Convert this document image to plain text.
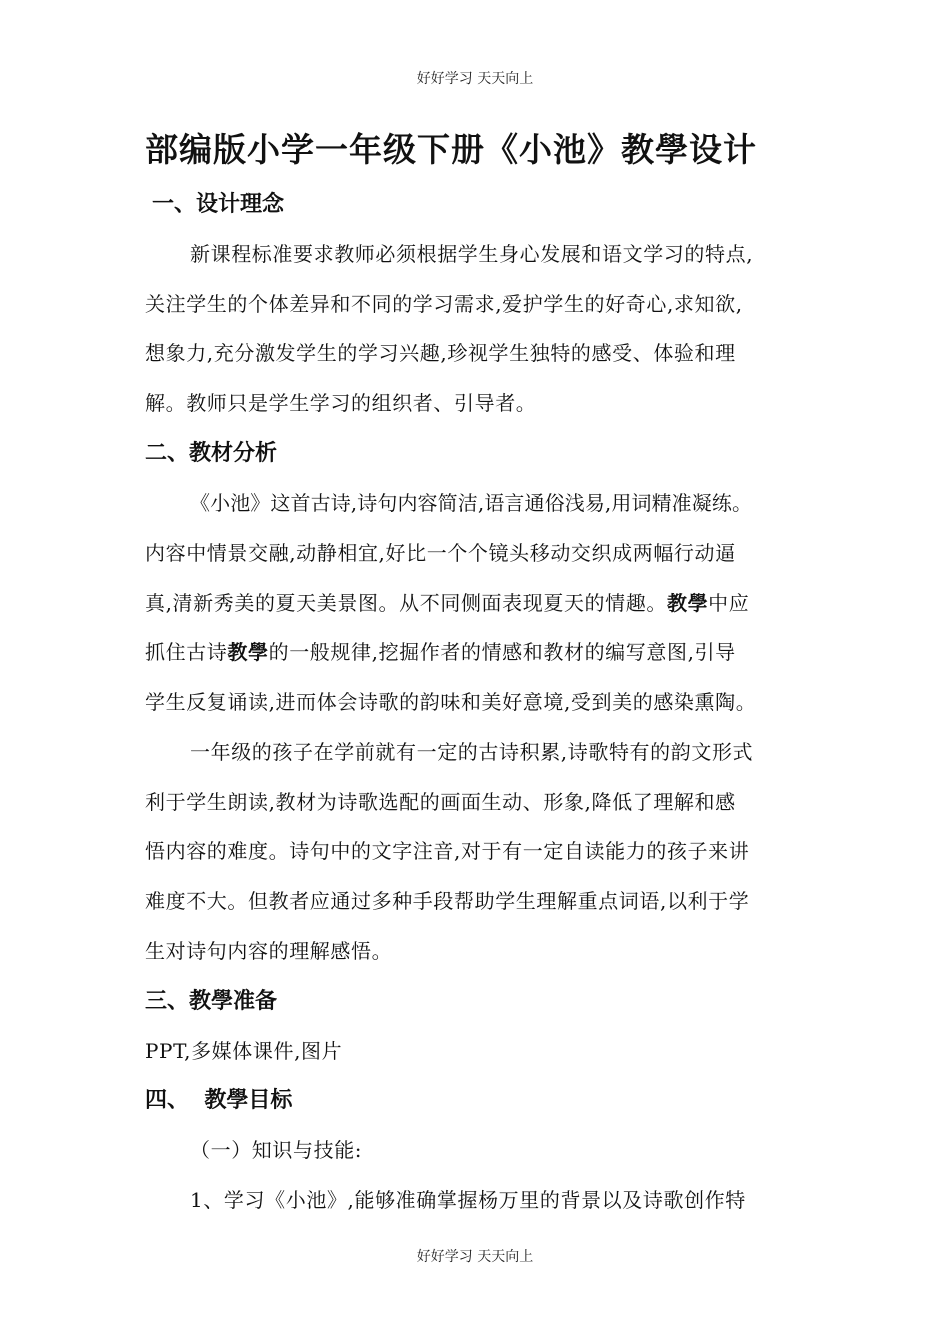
好好学习 天天向上
部编版小学一年级下册《小池》教學设计
一、设计理念
新课程标准要求教师必须根据学生身心发展和语文学习的特点,
关注学生的个体差异和不同的学习需求,爱护学生的好奇心,求知欲,
想象力,充分激发学生的学习兴趣,珍视学生独特的感受、体验和理
解。教师只是学生学习的组织者、引导者。
二、教材分析
《小池》这首古诗,诗句内容简洁,语言通俗浅易,用词精准凝练。
内容中情景交融,动静相宜,好比一个个镜头移动交织成两幅行动逼
真,清新秀美的夏天美景图。从不同侧面表现夏天的情趣。教學中应
抓住古诗教學的一般规律,挖掘作者的情感和教材的编写意图,引导
学生反复诵读,进而体会诗歌的韵味和美好意境,受到美的感染熏陶。
一年级的孩子在学前就有一定的古诗积累,诗歌特有的韵文形式
利于学生朗读,教材为诗歌选配的画面生动、形象,降低了理解和感
悟内容的难度。诗句中的文字注音,对于有一定自读能力的孩子来讲
难度不大。但教者应通过多种手段帮助学生理解重点词语,以利于学
生对诗句内容的理解感悟。
三、教學准备
PPT,多媒体课件,图片
四、  教學目标
（一）知识与技能:
1、学习《小池》,能够准确掌握杨万里的背景以及诗歌创作特
好好学习 天天向上
